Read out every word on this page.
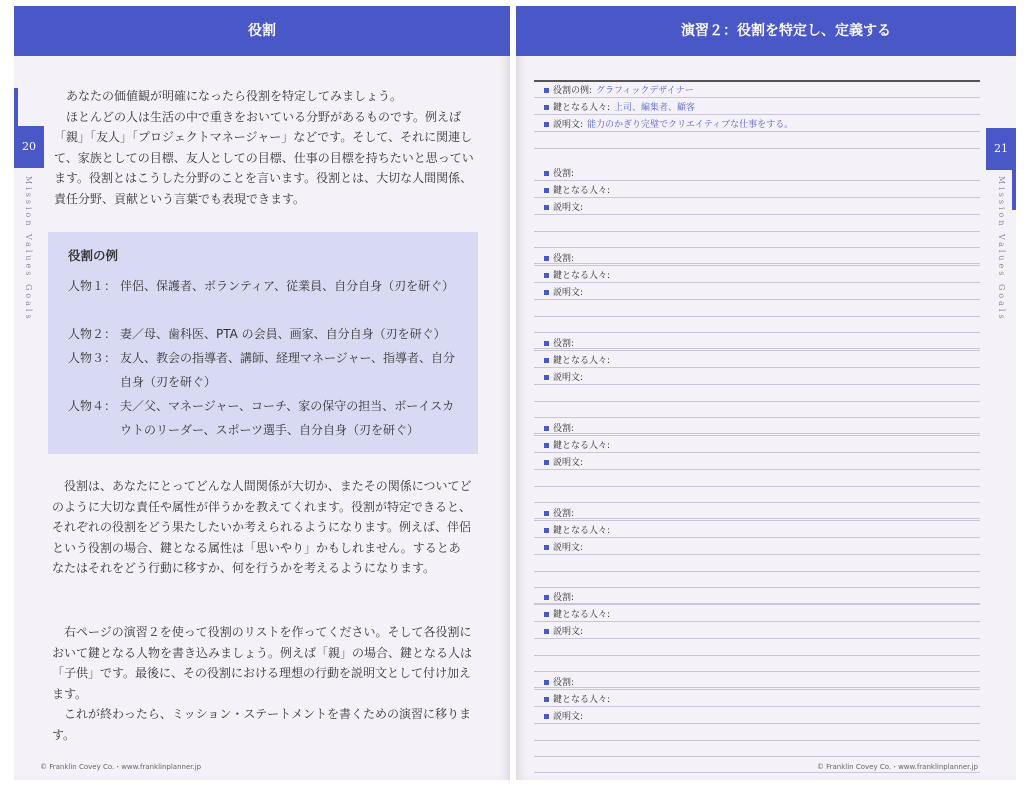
役割
20
Mission Values Goals

あなたの価値観が明確になったら役割を特定してみましょう。

ほとんどの人は生活の中で重きをおいている分野があるものです。例えば「親」「友人」「プロジェクトマネージャー」などです。そして、それに関連して、家族としての目標、友人としての目標、仕事の目標を持ちたいと思っています。役割とはこうした分野のことを言います。役割とは、大切な人間関係、責任分野、貢献という言葉でも表現できます。

役割の例
人物１： 伴侶、保護者、ボランティア、従業員、自分自身（刃を研ぐ）
人物２： 妻／母、歯科医、PTA の会員、画家、自分自身（刃を研ぐ）
人物３： 友人、教会の指導者、講師、経理マネージャー、指導者、自分自身（刃を研ぐ）
人物４： 夫／父、マネージャー、コーチ、家の保守の担当、ボーイスカウトのリーダー、スポーツ選手、自分自身（刃を研ぐ）

役割は、あなたにとってどんな人間関係が大切か、またその関係についてどのように大切な責任や属性が伴うかを教えてくれます。役割が特定できると、それぞれの役割をどう果たしたいか考えられるようになります。例えば、伴侶という役割の場合、鍵となる属性は「思いやり」かもしれません。するとあなたはそれをどう行動に移すか、何を行うかを考えるようになります。

右ページの演習２を使って役割のリストを作ってください。そして各役割において鍵となる人物を書き込みましょう。例えば「親」の場合、鍵となる人は「子供」です。最後に、その役割における理想の行動を説明文として付け加えます。

これが終わったら、ミッション・ステートメントを書くための演習に移ります。

© Franklin Covey Co.・www.franklinplanner.jp
演習２：役割を特定し、定義する
21
Mission Values Goals
役割の例: グラフィックデザイナー
鍵となる人々: 上司、編集者、顧客
説明文: 能力のかぎり完璧でクリエイティブな仕事をする。
役割:
鍵となる人々:
説明文:
役割:
鍵となる人々:
説明文:
役割:
鍵となる人々:
説明文:
役割:
鍵となる人々:
説明文:
役割:
鍵となる人々:
説明文:
役割:
鍵となる人々:
説明文:
役割:
鍵となる人々:
説明文:
© Franklin Covey Co.・www.franklinplanner.jp
